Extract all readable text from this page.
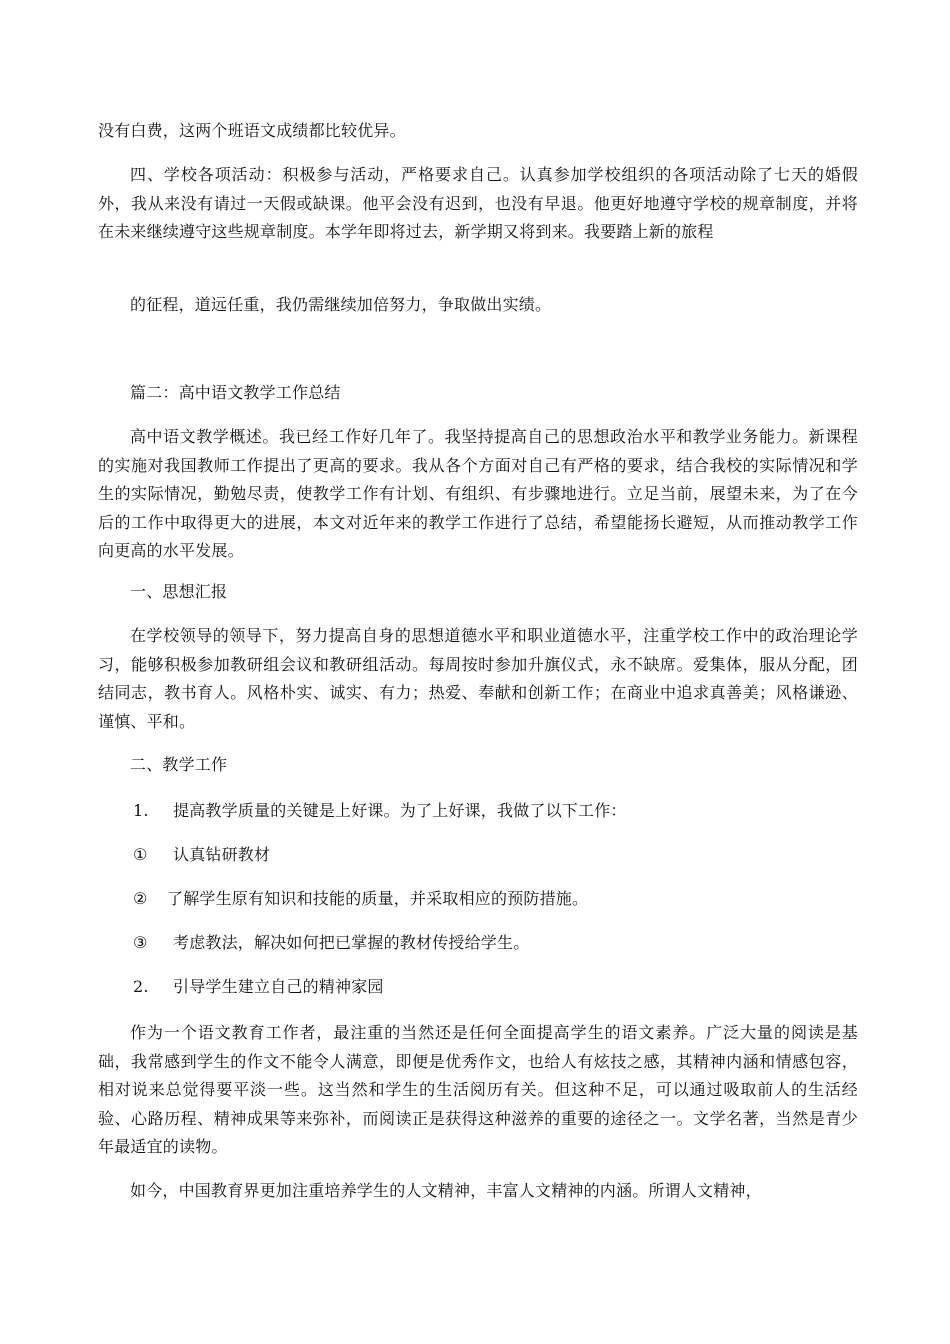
没有白费，这两个班语文成绩都比较优异。

四、学校各项活动：积极参与活动，严格要求自己。认真参加学校组织的各项活动除了七天的婚假外，我从来没有请过一天假或缺课。他平会没有迟到，也没有早退。他更好地遵守学校的规章制度，并将在未来继续遵守这些规章制度。本学年即将过去，新学期又将到来。我要踏上新的旅程

的征程，道远任重，我仍需继续加倍努力，争取做出实绩。

篇二：高中语文教学工作总结

高中语文教学概述。我已经工作好几年了。我坚持提高自己的思想政治水平和教学业务能力。新课程的实施对我国教师工作提出了更高的要求。我从各个方面对自己有严格的要求，结合我校的实际情况和学生的实际情况，勤勉尽责，使教学工作有计划、有组织、有步骤地进行。立足当前，展望未来，为了在今后的工作中取得更大的进展，本文对近年来的教学工作进行了总结，希望能扬长避短，从而推动教学工作向更高的水平发展。

一、思想汇报

在学校领导的领导下，努力提高自身的思想道德水平和职业道德水平，注重学校工作中的政治理论学习，能够积极参加教研组会议和教研组活动。每周按时参加升旗仪式，永不缺席。爱集体，服从分配，团结同志，教书育人。风格朴实、诚实、有力；热爱、奉献和创新工作；在商业中追求真善美；风格谦逊、谨慎、平和。

二、教学工作

1. 提高教学质量的关键是上好课。为了上好课，我做了以下工作：
① 认真钻研教材
② 了解学生原有知识和技能的质量，并采取相应的预防措施。
③ 考虑教法，解决如何把已掌握的教材传授给学生。
2. 引导学生建立自己的精神家园

作为一个语文教育工作者，最注重的当然还是任何全面提高学生的语文素养。广泛大量的阅读是基础，我常感到学生的作文不能令人满意，即便是优秀作文，也给人有炫技之感，其精神内涵和情感包容，相对说来总觉得要平淡一些。这当然和学生的生活阅历有关。但这种不足，可以通过吸取前人的生活经验、心路历程、精神成果等来弥补，而阅读正是获得这种滋养的重要的途径之一。文学名著，当然是青少年最适宜的读物。

如今，中国教育界更加注重培养学生的人文精神，丰富人文精神的内涵。所谓人文精神，
